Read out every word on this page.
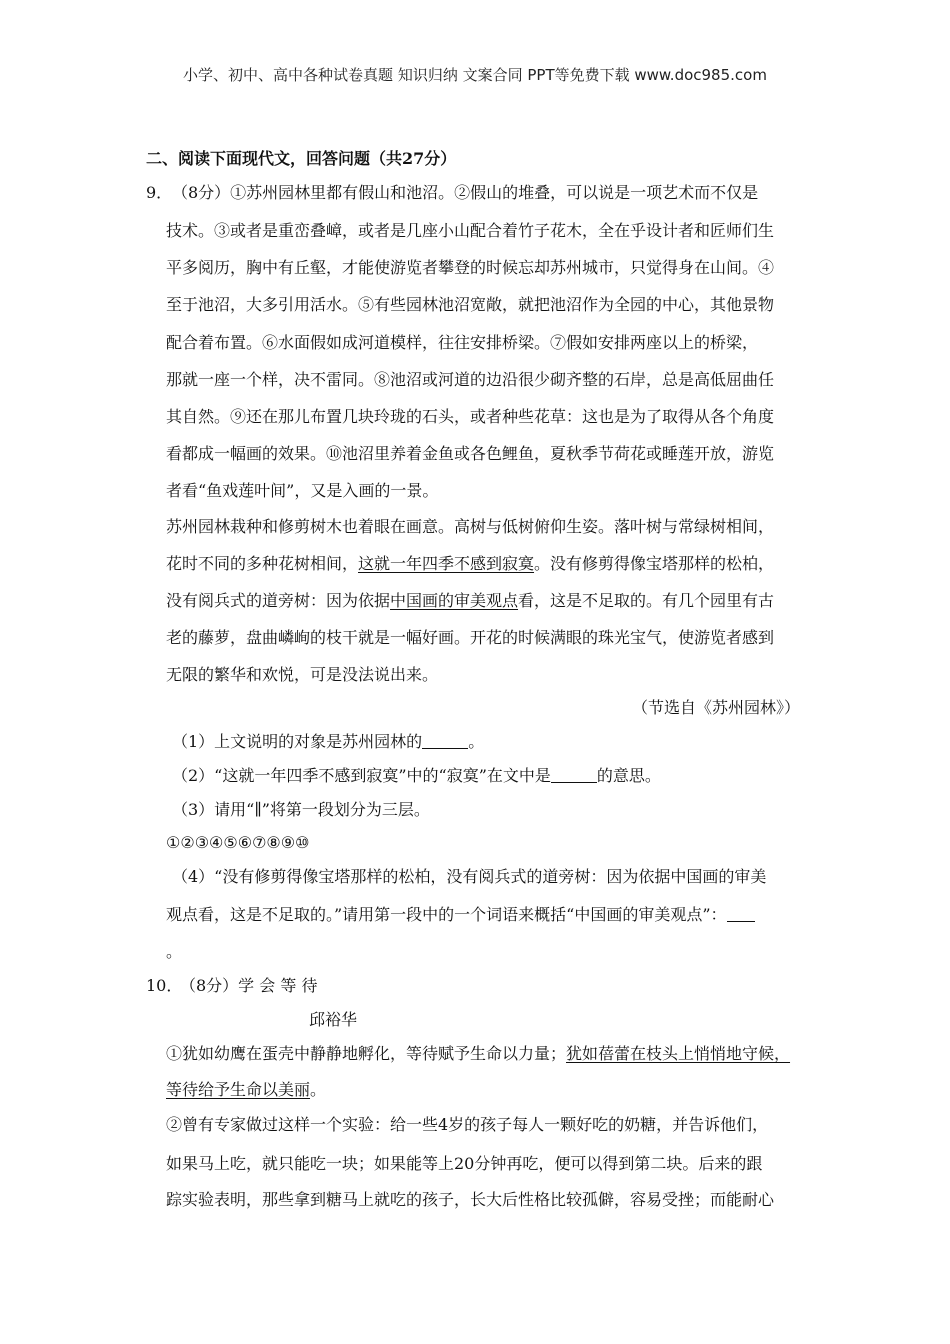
小学、初中、高中各种试卷真题 知识归纳 文案合同 PPT等免费下载 www.doc985.com
二、阅读下面现代文，回答问题（共27分）
9． （8分）①苏州园林里都有假山和池沼。②假山的堆叠，可以说是一项艺术而不仅是
技术。③或者是重峦叠嶂，或者是几座小山配合着竹子花木，全在乎设计者和匠师们生
平多阅历，胸中有丘壑，才能使游览者攀登的时候忘却苏州城市，只觉得身在山间。④
至于池沼，大多引用活水。⑤有些园林池沼宽敞，就把池沼作为全园的中心，其他景物
配合着布置。⑥水面假如成河道模样，往往安排桥梁。⑦假如安排两座以上的桥梁，
那就一座一个样，决不雷同。⑧池沼或河道的边沿很少砌齐整的石岸，总是高低屈曲任
其自然。⑨还在那儿布置几块玲珑的石头，或者种些花草：这也是为了取得从各个角度
看都成一幅画的效果。⑩池沼里养着金鱼或各色鲤鱼，夏秋季节荷花或睡莲开放，游览
者看“鱼戏莲叶间”，又是入画的一景。
苏州园林栽种和修剪树木也着眼在画意。高树与低树俯仰生姿。落叶树与常绿树相间，
花时不同的多种花树相间，这就一年四季不感到寂寞。没有修剪得像宝塔那样的松柏，
没有阅兵式的道旁树：因为依据中国画的审美观点看，这是不足取的。有几个园里有古
老的藤萝，盘曲嶙峋的枝干就是一幅好画。开花的时候满眼的珠光宝气，使游览者感到
无限的繁华和欢悦，可是没法说出来。
（节选自《苏州园林》）
（1）上文说明的对象是苏州园林的	。
（2）“这就一年四季不感到寂寞”中的“寂寞”在文中是	的意思。
（3）请用“∥”将第一段划分为三层。
①②③④⑤⑥⑦⑧⑨⑩
（4）“没有修剪得像宝塔那样的松柏，没有阅兵式的道旁树：因为依据中国画的审美
观点看，这是不足取的。”请用第一段中的一个词语来概括“中国画的审美观点”：
。
10．
（8分）学 会 等 待
邱裕华
①犹如幼鹰在蛋壳中静静地孵化，等待赋予生命以力量；犹如蓓蕾在枝头上悄悄地守候，
等待给予生命以美丽。
②曾有专家做过这样一个实验：给一些4岁的孩子每人一颗好吃的奶糖，并告诉他们，
如果马上吃，就只能吃一块；如果能等上20分钟再吃，便可以得到第二块。后来的跟
踪实验表明，那些拿到糖马上就吃的孩子，长大后性格比较孤僻，容易受挫；而能耐心
